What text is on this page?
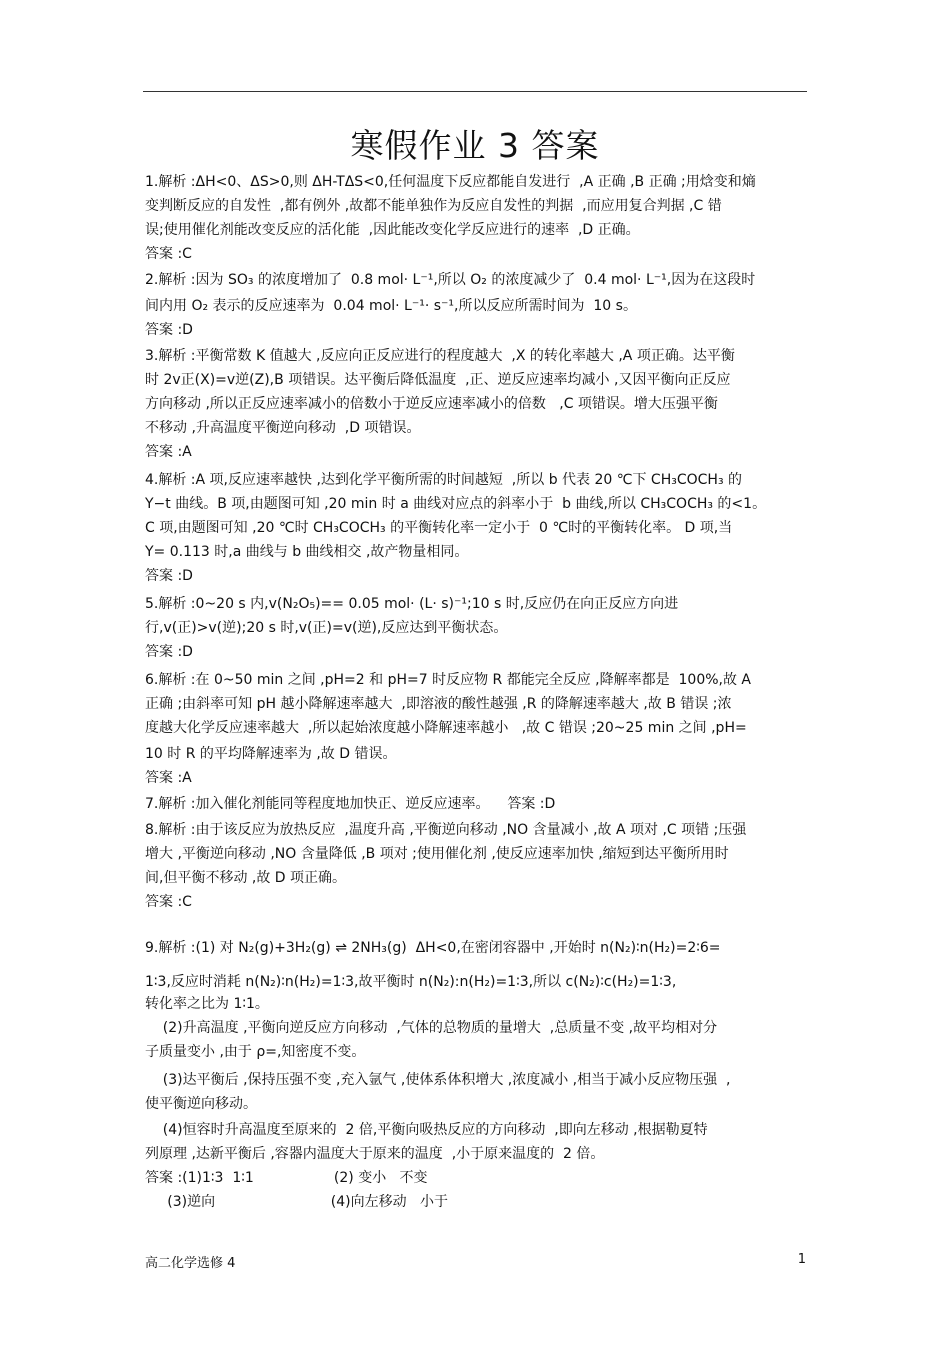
寒假作业 3 答案
1.解析 :ΔH<0、ΔS>0,则 ΔH-TΔS<0,任何温度下反应都能自发进行  ,A 正确 ,B 正确 ;用焓变和熵
变判断反应的自发性  ,都有例外 ,故都不能单独作为反应自发性的判据  ,而应用复合判据 ,C 错
误;使用催化剂能改变反应的活化能  ,因此能改变化学反应进行的速率  ,D 正确。
答案 :C
2.解析 :因为 SO₃ 的浓度增加了  0.8 mol· L⁻¹,所以 O₂ 的浓度减少了  0.4 mol· L⁻¹,因为在这段时
间内用 O₂ 表示的反应速率为  0.04 mol· L⁻¹· s⁻¹,所以反应所需时间为  10 s。
答案 :D
3.解析 :平衡常数 K 值越大 ,反应向正反应进行的程度越大  ,X 的转化率越大 ,A 项正确。达平衡
时 2v正(X)=v逆(Z),B 项错误。达平衡后降低温度  ,正、逆反应速率均减小 ,又因平衡向正反应
方向移动 ,所以正反应速率减小的倍数小于逆反应速率减小的倍数   ,C 项错误。增大压强平衡
不移动 ,升高温度平衡逆向移动  ,D 项错误。
答案 :A
4.解析 :A 项,反应速率越快 ,达到化学平衡所需的时间越短  ,所以 b 代表 20 ℃下 CH₃COCH₃ 的
Y−t 曲线。B 项,由题图可知 ,20 min 时 a 曲线对应点的斜率小于  b 曲线,所以 CH₃COCH₃ 的<1。
C 项,由题图可知 ,20 ℃时 CH₃COCH₃ 的平衡转化率一定小于  0 ℃时的平衡转化率。 D 项,当
Y= 0.113 时,a 曲线与 b 曲线相交 ,故产物量相同。
答案 :D
5.解析 :0~20 s 内,v(N₂O₅)== 0.05 mol· (L· s)⁻¹;10 s 时,反应仍在向正反应方向进
行,v(正)>v(逆);20 s 时,v(正)=v(逆),反应达到平衡状态。
答案 :D
6.解析 :在 0~50 min 之间 ,pH=2 和 pH=7 时反应物 R 都能完全反应 ,降解率都是  100%,故 A
正确 ;由斜率可知 pH 越小降解速率越大  ,即溶液的酸性越强 ,R 的降解速率越大 ,故 B 错误 ;浓
度越大化学反应速率越大  ,所以起始浓度越小降解速率越小   ,故 C 错误 ;20~25 min 之间 ,pH=
10 时 R 的平均降解速率为 ,故 D 错误。
答案 :A
7.解析 :加入催化剂能同等程度地加快正、逆反应速率。    答案 :D
8.解析 :由于该反应为放热反应  ,温度升高 ,平衡逆向移动 ,NO 含量减小 ,故 A 项对 ,C 项错 ;压强
增大 ,平衡逆向移动 ,NO 含量降低 ,B 项对 ;使用催化剂 ,使反应速率加快 ,缩短到达平衡所用时
间,但平衡不移动 ,故 D 项正确。
答案 :C
9.解析 :(1) 对 N₂(g)+3H₂(g) ⇌ 2NH₃(g)  ΔH<0,在密闭容器中 ,开始时 n(N₂)∶n(H₂)=2∶6=
1∶3,反应时消耗 n(N₂)∶n(H₂)=1∶3,故平衡时 n(N₂):n(H₂)=1∶3,所以 c(N₂)∶c(H₂)=1∶3,
转化率之比为 1∶1。
(2)升高温度 ,平衡向逆反应方向移动  ,气体的总物质的量增大  ,总质量不变 ,故平均相对分
子质量变小 ,由于 ρ=,知密度不变。
(3)达平衡后 ,保持压强不变 ,充入氩气 ,使体系体积增大 ,浓度减小 ,相当于减小反应物压强  ,
使平衡逆向移动。
(4)恒容时升高温度至原来的  2 倍,平衡向吸热反应的方向移动  ,即向左移动 ,根据勒夏特
列原理 ,达新平衡后 ,容器内温度大于原来的温度  ,小于原来温度的  2 倍。
答案 :(1)1∶3  1∶1                  (2) 变小   不变
(3)逆向                          (4)向左移动   小于
高二化学选修 4	1
